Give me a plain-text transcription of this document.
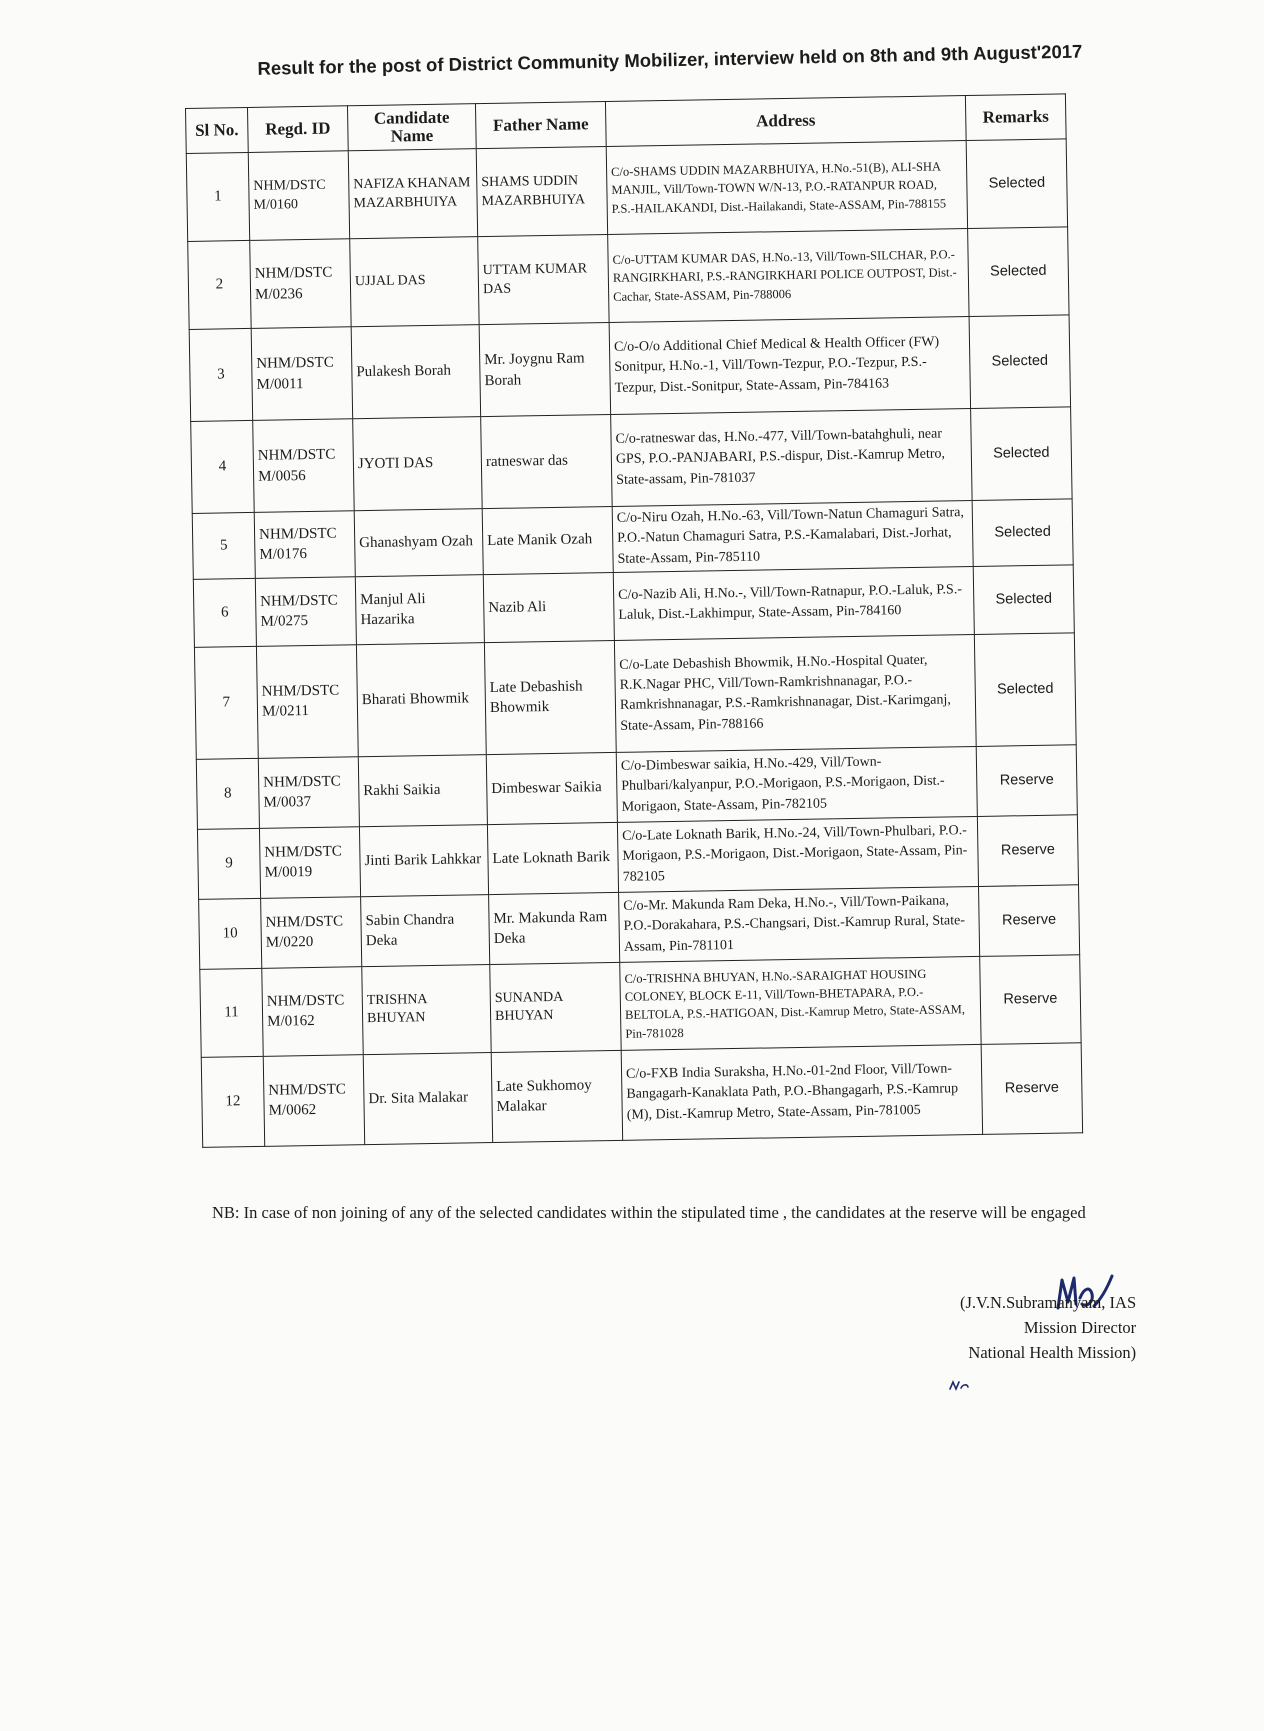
Result for the post of District Community Mobilizer, interview held on 8th and 9th August'2017
Sl No.	Regd. ID	Candidate Name	Father Name	Address	Remarks
1	NHM/DSTC M/0160	NAFIZA KHANAM MAZARBHUIYA	SHAMS UDDIN MAZARBHUIYA	C/o-SHAMS UDDIN MAZARBHUIYA, H.No.-51(B), ALI-SHA MANJIL, Vill/Town-TOWN W/N-13, P.O.-RATANPUR ROAD, P.S.-HAILAKANDI, Dist.-Hailakandi, State-ASSAM, Pin-788155	Selected
2	NHM/DSTC M/0236	UJJAL DAS	UTTAM KUMAR DAS	C/o-UTTAM KUMAR DAS, H.No.-13, Vill/Town-SILCHAR, P.O.-RANGIRKHARI, P.S.-RANGIRKHARI POLICE OUTPOST, Dist.-Cachar, State-ASSAM, Pin-788006	Selected
3	NHM/DSTC M/0011	Pulakesh Borah	Mr. Joygnu Ram Borah	C/o-O/o Additional Chief Medical & Health Officer (FW) Sonitpur, H.No.-1, Vill/Town-Tezpur, P.O.-Tezpur, P.S.-Tezpur, Dist.-Sonitpur, State-Assam, Pin-784163	Selected
4	NHM/DSTC M/0056	JYOTI DAS	ratneswar das	C/o-ratneswar das, H.No.-477, Vill/Town-batahghuli, near GPS, P.O.-PANJABARI, P.S.-dispur, Dist.-Kamrup Metro, State-assam, Pin-781037	Selected
5	NHM/DSTC M/0176	Ghanashyam Ozah	Late Manik Ozah	C/o-Niru Ozah, H.No.-63, Vill/Town-Natun Chamaguri Satra, P.O.-Natun Chamaguri Satra, P.S.-Kamalabari, Dist.-Jorhat, State-Assam, Pin-785110	Selected
6	NHM/DSTC M/0275	Manjul Ali Hazarika	Nazib Ali	C/o-Nazib Ali, H.No.-, Vill/Town-Ratnapur, P.O.-Laluk, P.S.-Laluk, Dist.-Lakhimpur, State-Assam, Pin-784160	Selected
7	NHM/DSTC M/0211	Bharati Bhowmik	Late Debashish Bhowmik	C/o-Late Debashish Bhowmik, H.No.-Hospital Quater, R.K.Nagar PHC, Vill/Town-Ramkrishnanagar, P.O.-Ramkrishnanagar, P.S.-Ramkrishnanagar, Dist.-Karimganj, State-Assam, Pin-788166	Selected
8	NHM/DSTC M/0037	Rakhi Saikia	Dimbeswar Saikia	C/o-Dimbeswar saikia, H.No.-429, Vill/Town-Phulbari/kalyanpur, P.O.-Morigaon, P.S.-Morigaon, Dist.-Morigaon, State-Assam, Pin-782105	Reserve
9	NHM/DSTC M/0019	Jinti Barik Lahkkar	Late Loknath Barik	C/o-Late Loknath Barik, H.No.-24, Vill/Town-Phulbari, P.O.-Morigaon, P.S.-Morigaon, Dist.-Morigaon, State-Assam, Pin-782105	Reserve
10	NHM/DSTC M/0220	Sabin Chandra Deka	Mr. Makunda Ram Deka	C/o-Mr. Makunda Ram Deka, H.No.-, Vill/Town-Paikana, P.O.-Dorakahara, P.S.-Changsari, Dist.-Kamrup Rural, State-Assam, Pin-781101	Reserve
11	NHM/DSTC M/0162	TRISHNA BHUYAN	SUNANDA BHUYAN	C/o-TRISHNA BHUYAN, H.No.-SARAIGHAT HOUSING COLONEY, BLOCK E-11, Vill/Town-BHETAPARA, P.O.-BELTOLA, P.S.-HATIGOAN, Dist.-Kamrup Metro, State-ASSAM, Pin-781028	Reserve
12	NHM/DSTC M/0062	Dr. Sita Malakar	Late Sukhomoy Malakar	C/o-FXB India Suraksha, H.No.-01-2nd Floor, Vill/Town-Bangagarh-Kanaklata Path, P.O.-Bhangagarh, P.S.-Kamrup (M), Dist.-Kamrup Metro, State-Assam, Pin-781005	Reserve
NB: In case of non joining of any of the selected candidates within the stipulated time , the candidates at the reserve will be engaged
(J.V.N.Subramanyam, IAS
Mission Director
National Health Mission)
